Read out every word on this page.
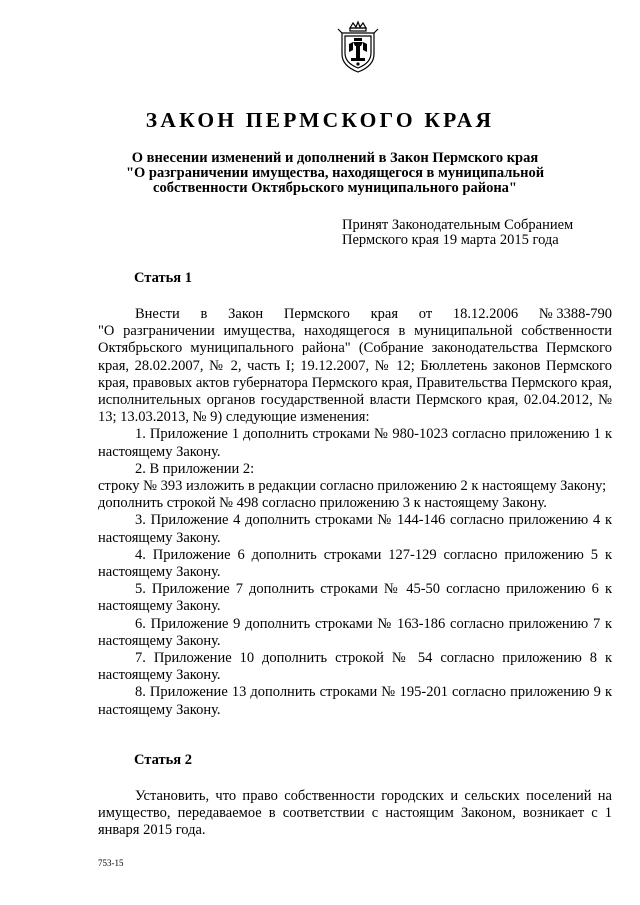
ЗАКОН ПЕРМСКОГО КРАЯ
О внесении изменений и дополнений в Закон Пермского края
"О разграничении имущества, находящегося в муниципальной
собственности Октябрьского муниципального района"
Принят Законодательным Собранием
Пермского края 19 марта 2015 года
Статья 1
Внести в Закон Пермского края от 18.12.2006 № 3388-790

"О разграничении имущества, находящегося в муниципальной собственности Октябрьского муниципального района" (Собрание законодательства Пермского края, 28.02.2007, № 2, часть I; 19.12.2007, № 12; Бюллетень законов Пермского края, правовых актов губернатора Пермского края, Правительства Пермского края, исполнительных органов государственной власти Пермского края, 02.04.2012, № 13; 13.03.2013, № 9) следующие изменения:

1. Приложение 1 дополнить строками № 980-1023 согласно приложению 1 к настоящему Закону.

2. В приложении 2:

строку № 393 изложить в редакции согласно приложению 2 к настоящему Закону;

дополнить строкой № 498 согласно приложению 3 к настоящему Закону.

3. Приложение 4 дополнить строками № 144-146 согласно приложению 4 к настоящему Закону.

4. Приложение 6 дополнить строками 127-129 согласно приложению 5 к настоящему Закону.

5. Приложение 7 дополнить строками № 45-50 согласно приложению 6 к настоящему Закону.

6. Приложение 9 дополнить строками № 163-186 согласно приложению 7 к настоящему Закону.

7. Приложение 10 дополнить строкой № 54 согласно приложению 8 к настоящему Закону.

8. Приложение 13 дополнить строками № 195-201 согласно приложению 9 к настоящему Закону.

Статья 2

Установить, что право собственности городских и сельских поселений на имущество, передаваемое в соответствии с настоящим Законом, возникает с 1 января 2015 года.

753-15
